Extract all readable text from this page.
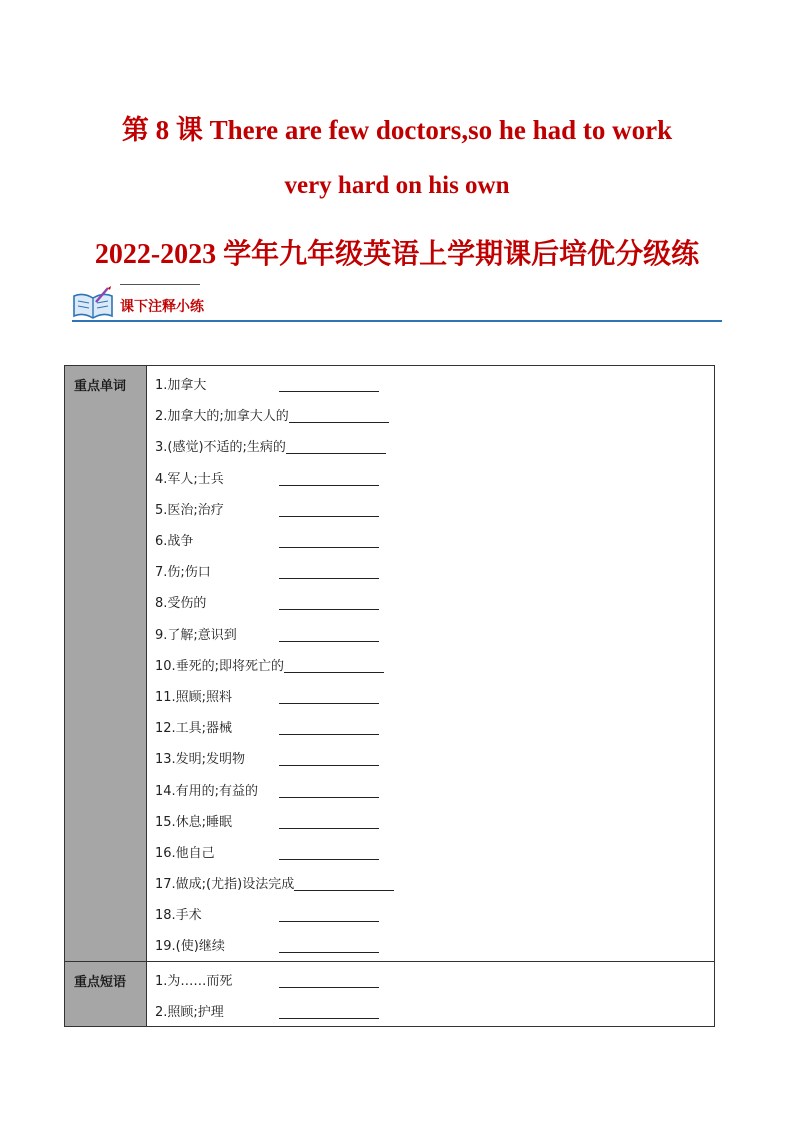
第 8 课 There are few doctors,so he had to work
very hard on his own
2022-2023 学年九年级英语上学期课后培优分级练
课下注释小练
重点单词	1.加拿大
2.加拿大的;加拿大人的
3.(感觉)不适的;生病的
4.军人;士兵
5.医治;治疗
6.战争
7.伤;伤口
8.受伤的
9.了解;意识到
10.垂死的;即将死亡的
11.照顾;照料
12.工具;器械
13.发明;发明物
14.有用的;有益的
15.休息;睡眠
16.他自己
17.做成;(尤指)设法完成
18.手术
19.(使)继续
重点短语	1.为……而死
2.照顾;护理
